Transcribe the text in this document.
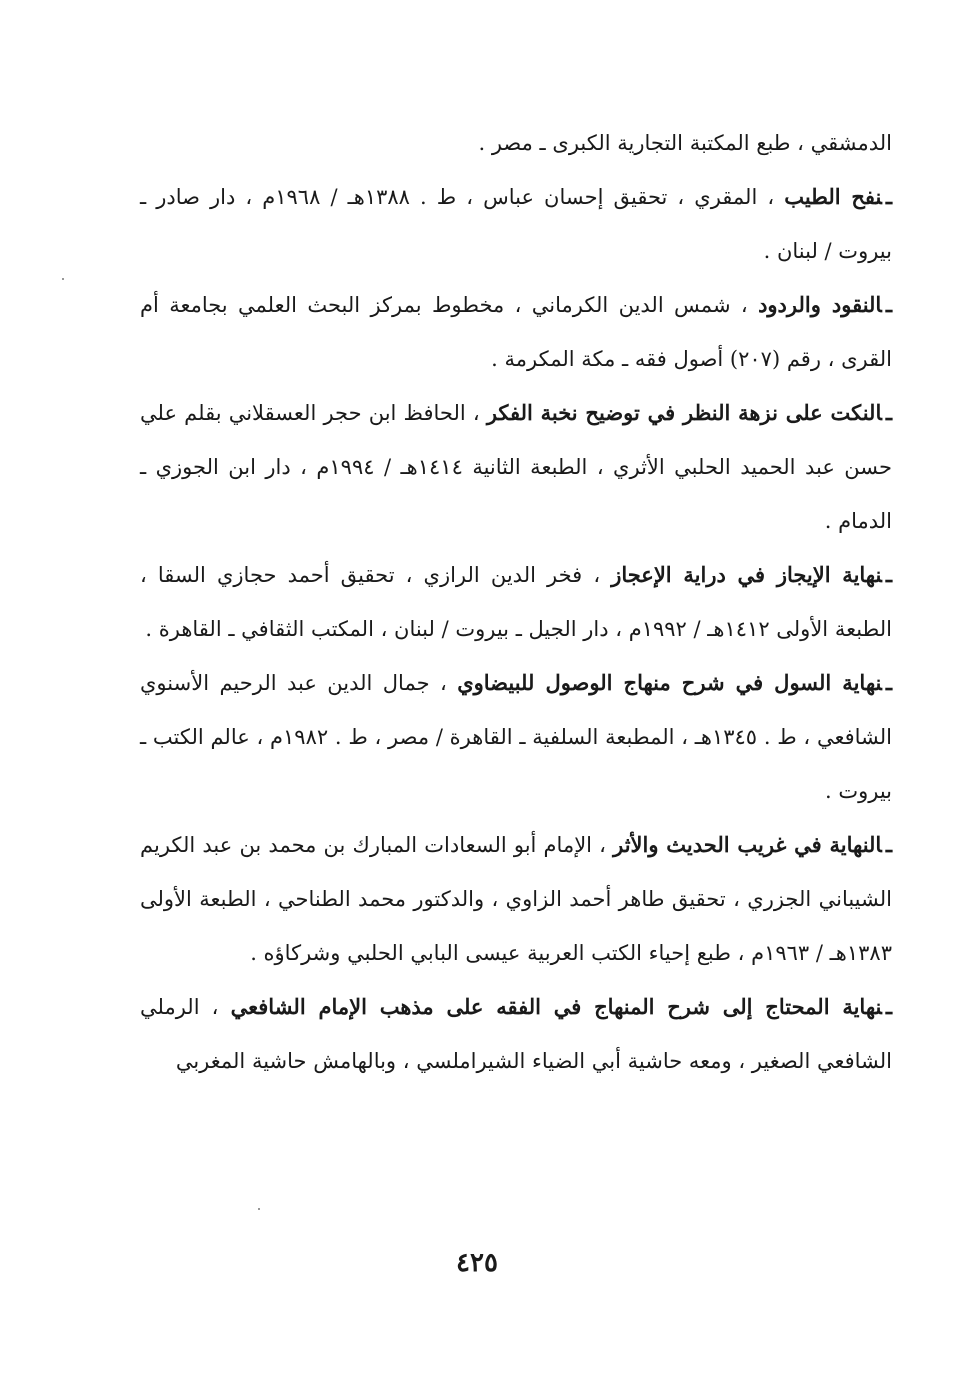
الدمشقي ، طبع المكتبة التجارية الكبرى ـ مصر .

ـنفح الطيب ، المقري ، تحقيق إحسان عباس ، ط . ١٣٨٨هـ / ١٩٦٨م ، دار صادر ـ بيروت / لبنان .

ـالنقود والردود ، شمس الدين الكرماني ، مخطوط بمركز البحث العلمي بجامعة أم القرى ، رقم (٢٠٧) أصول فقه ـ مكة المكرمة .

ـالنكت على نزهة النظر في توضيح نخبة الفكر ، الحافظ ابن حجر العسقلاني بقلم علي حسن عبد الحميد الحلبي الأثري ، الطبعة الثانية ١٤١٤هـ / ١٩٩٤م ، دار ابن الجوزي ـ الدمام .

ـنهاية الإيجاز في دراية الإعجاز ، فخر الدين الرازي ، تحقيق أحمد حجازي السقا ، الطبعة الأولى ١٤١٢هـ / ١٩٩٢م ، دار الجيل ـ بيروت / لبنان ، المكتب الثقافي ـ القاهرة .

ـنهاية السول في شرح منهاج الوصول للبيضاوي ، جمال الدين عبد الرحيم الأسنوي الشافعي ، ط . ١٣٤٥هـ ، المطبعة السلفية ـ القاهرة / مصر ، ط . ١٩٨٢م ، عالم الكتب ـ بيروت .

ـالنهاية في غريب الحديث والأثر ، الإمام أبو السعادات المبارك بن محمد بن عبد الكريم الشيباني الجزري ، تحقيق طاهر أحمد الزاوي ، والدكتور محمد الطناحي ، الطبعة الأولى ١٣٨٣هـ / ١٩٦٣م ، طبع إحياء الكتب العربية عيسى البابي الحلبي وشركاؤه .

ـنهاية المحتاج إلى شرح المنهاج في الفقه على مذهب الإمام الشافعي ، الرملي الشافعي الصغير ، ومعه حاشية أبي الضياء الشيراملسي ، وبالهامش حاشية المغربي

٤٢٥
